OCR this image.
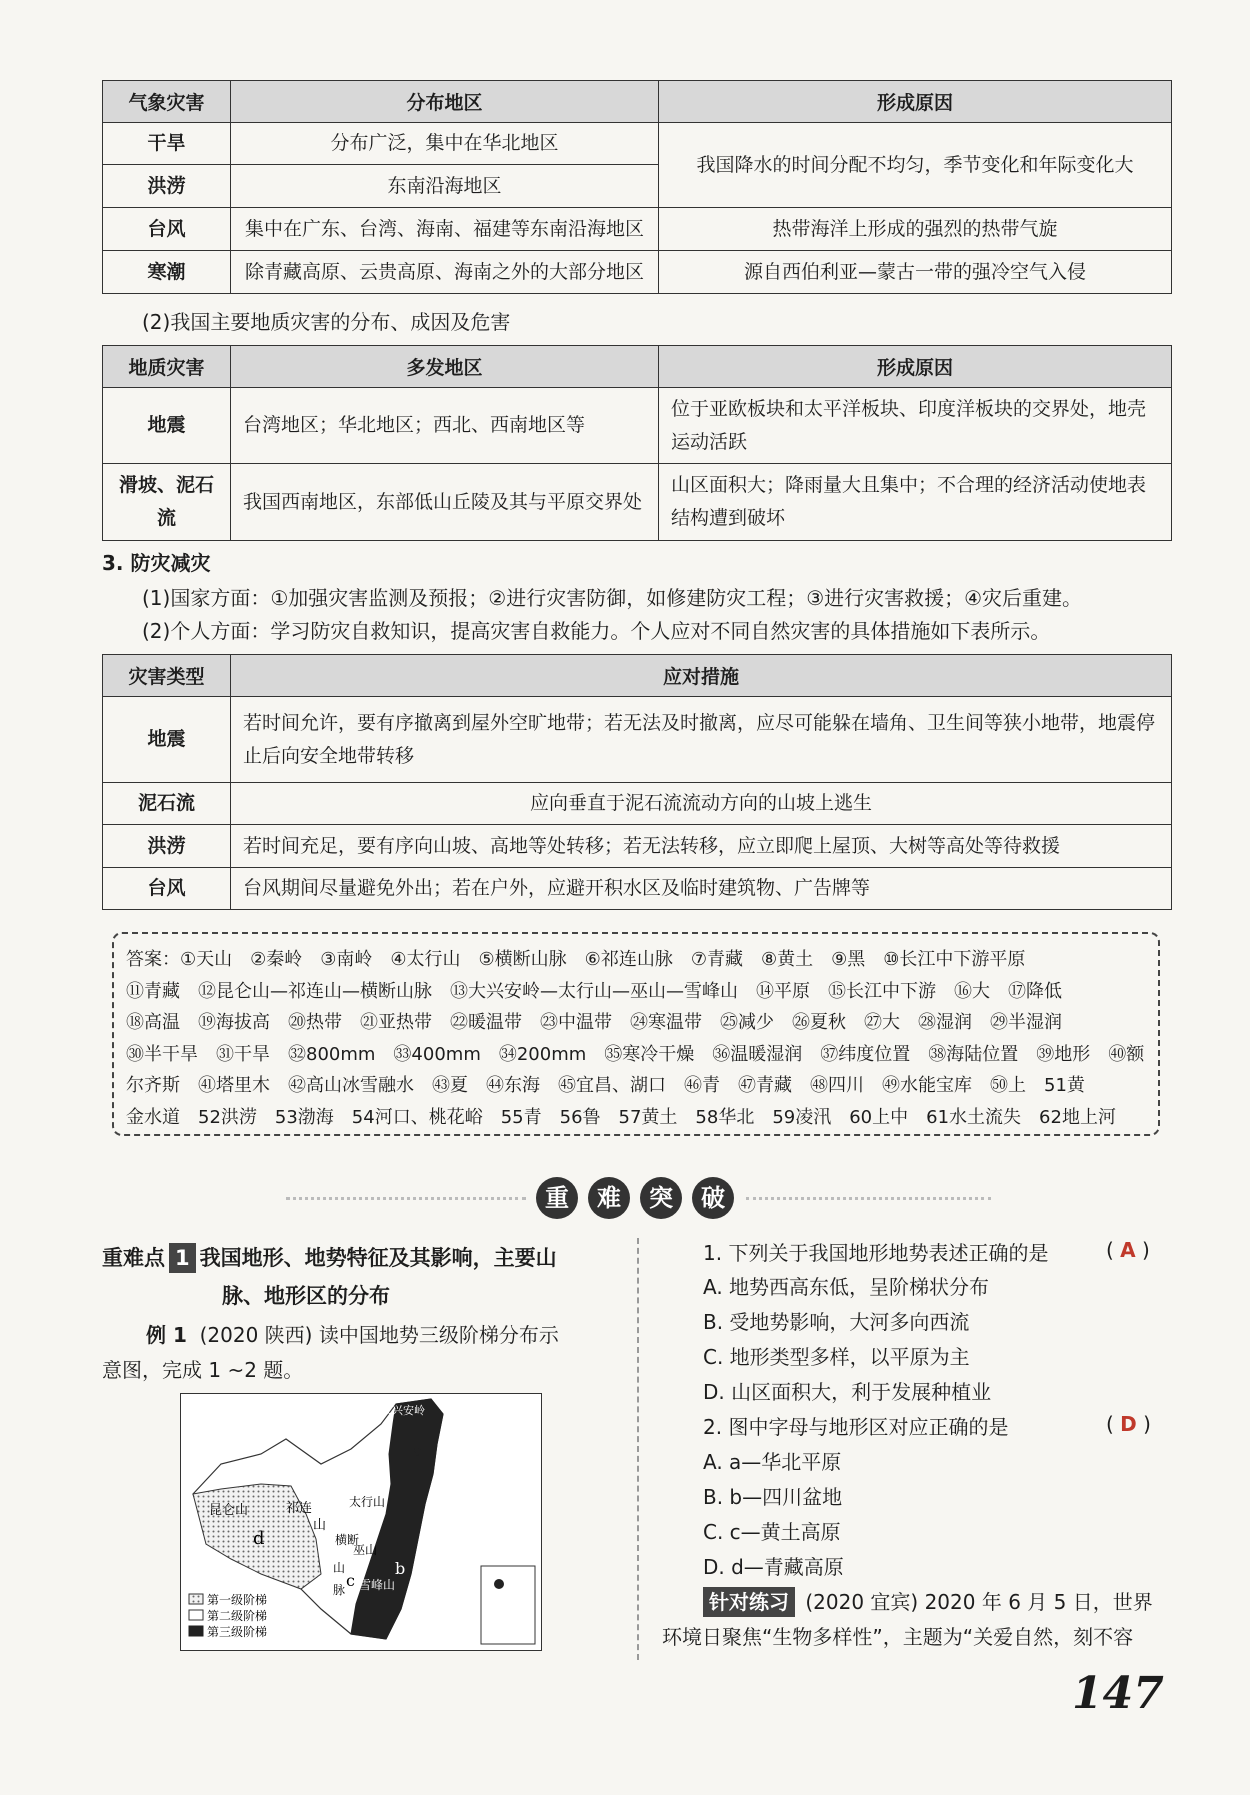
气象灾害	分布地区	形成原因
干旱	分布广泛，集中在华北地区	我国降水的时间分配不均匀，季节变化和年际变化大
洪涝	东南沿海地区	
台风	集中在广东、台湾、海南、福建等东南沿海地区	热带海洋上形成的强烈的热带气旋
寒潮	除青藏高原、云贵高原、海南之外的大部分地区	源自西伯利亚—蒙古一带的强冷空气入侵
(2)我国主要地质灾害的分布、成因及危害
地质灾害	多发地区	形成原因
地震	台湾地区；华北地区；西北、西南地区等	位于亚欧板块和太平洋板块、印度洋板块的交界处，地壳运动活跃
滑坡、泥石流	我国西南地区，东部低山丘陵及其与平原交界处	山区面积大；降雨量大且集中；不合理的经济活动使地表结构遭到破坏
3. 防灾减灾
(1)国家方面：①加强灾害监测及预报；②进行灾害防御，如修建防灾工程；③进行灾害救援；④灾后重建。
(2)个人方面：学习防灾自救知识，提高灾害自救能力。个人应对不同自然灾害的具体措施如下表所示。
灾害类型	应对措施
地震	若时间允许，要有序撤离到屋外空旷地带；若无法及时撤离，应尽可能躲在墙角、卫生间等狭小地带，地震停止后向安全地带转移
泥石流	应向垂直于泥石流流动方向的山坡上逃生
洪涝	若时间充足，要有序向山坡、高地等处转移；若无法转移，应立即爬上屋顶、大树等高处等待救援
台风	台风期间尽量避免外出；若在户外，应避开积水区及临时建筑物、广告牌等
答案：①天山　②秦岭　③南岭　④太行山　⑤横断山脉　⑥祁连山脉　⑦青藏　⑧黄土　⑨黑　⑩长江中下游平原
⑪青藏　⑫昆仑山—祁连山—横断山脉　⑬大兴安岭—太行山—巫山—雪峰山　⑭平原　⑮长江中下游　⑯大　⑰降低
⑱高温　⑲海拔高　⑳热带　㉑亚热带　㉒暖温带　㉓中温带　㉔寒温带　㉕减少　㉖夏秋　㉗大　㉘湿润　㉙半湿润
㉚半干旱　㉛干旱　㉜800mm　㉝400mm　㉞200mm　㉟寒冷干燥　㊱温暖湿润　㊲纬度位置　㊳海陆位置　㊴地形　㊵额
尔齐斯　㊶塔里木　㊷高山冰雪融水　㊸夏　㊹东海　㊺宜昌、湖口　㊻青　㊼青藏　㊽四川　㊾水能宝库　㊿上　51黄
金水道　52洪涝　53渤海　54河口、桃花峪　55青　56鲁　57黄土　58华北　59凌汛　60上中　61水土流失　62地上河
重	难	突	破
重难点 1 我国地形、地势特征及其影响，主要山
脉、地形区的分布
例 1 (2020 陕西) 读中国地势三级阶梯分布示
意图，完成 1 ~2 题。
昆仑山	祁连
山
横断
山
脉
大兴安岭
太行山
巫山
雪峰山
a
b
c
d
第一级阶梯
第二级阶梯
第三级阶梯
1. 下列关于我国地形地势表述正确的是	( A )
A. 地势西高东低，呈阶梯状分布
B. 受地势影响，大河多向西流
C. 地形类型多样，以平原为主
D. 山区面积大，利于发展种植业
2. 图中字母与地形区对应正确的是	( D )
A. a—华北平原
B. b—四川盆地
C. c—黄土高原
D. d—青藏高原
针对练习 (2020 宜宾) 2020 年 6 月 5 日，世界
环境日聚焦“生物多样性”，主题为“关爱自然，刻不容
147
